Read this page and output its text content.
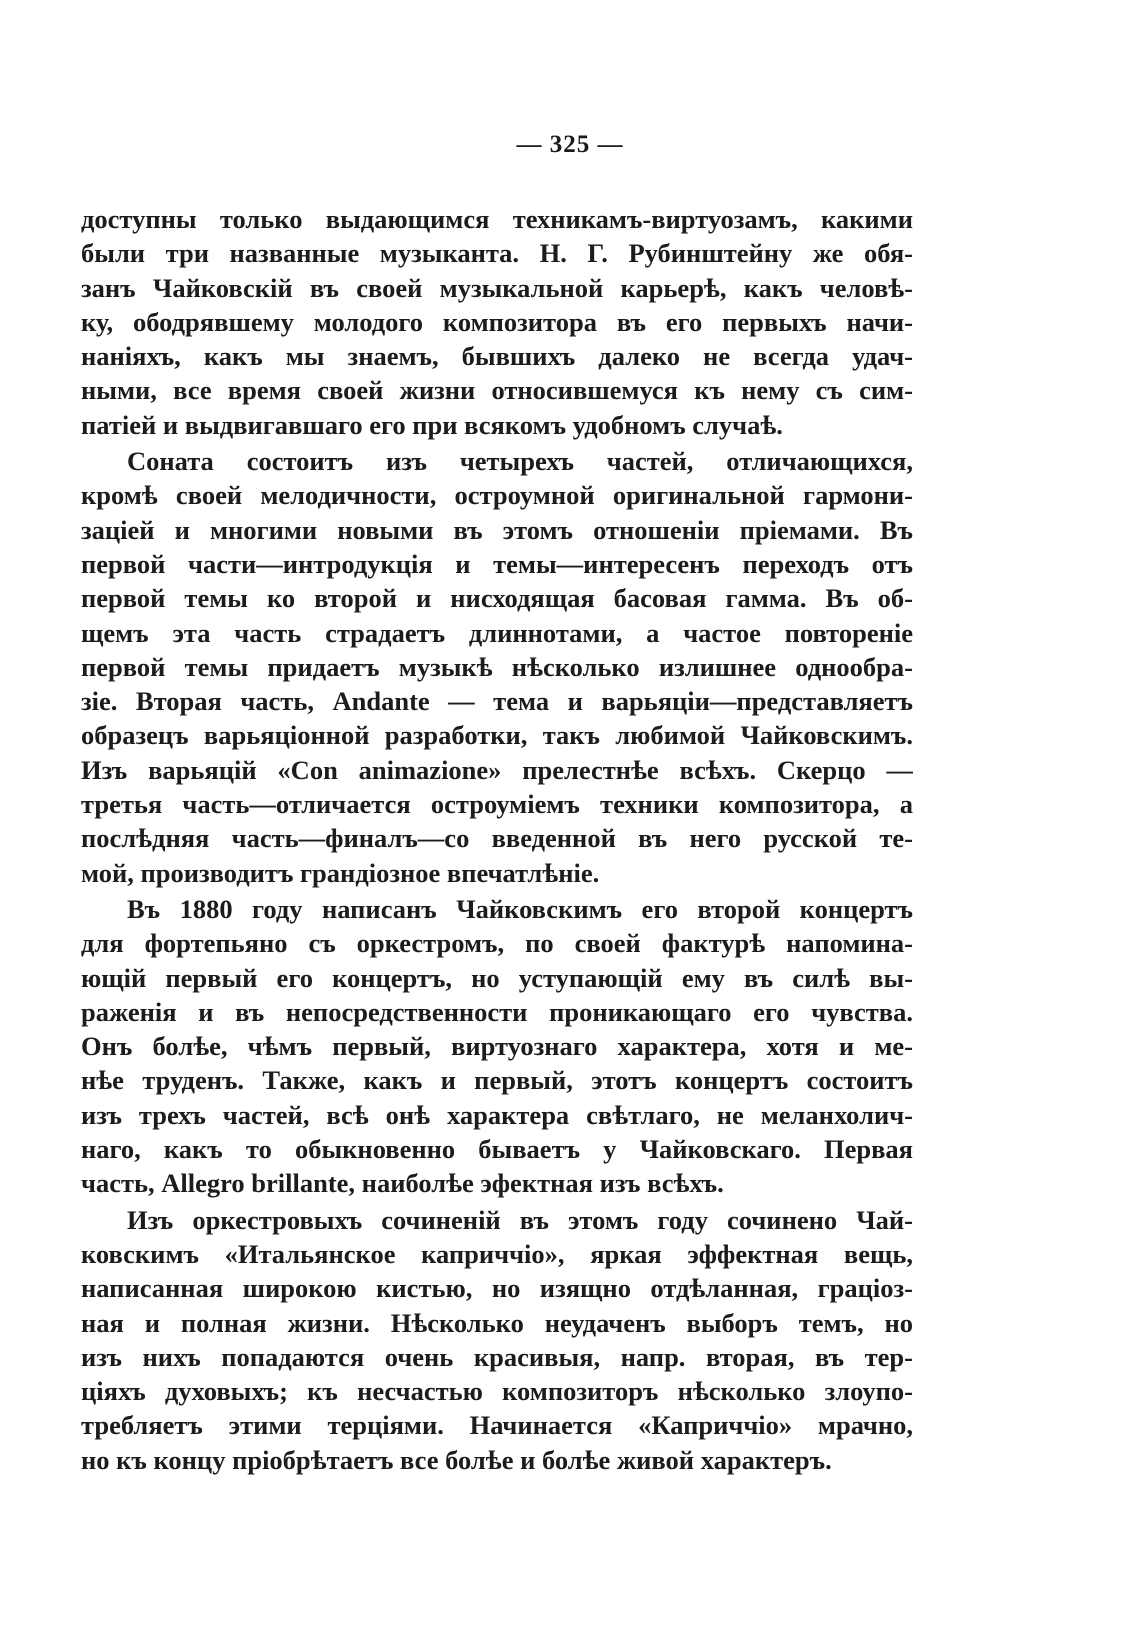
— 325 —
доступны только выдающимся техникамъ-виртуозамъ, какими
были три названные музыканта. Н. Г. Рубинштейну же обя-
занъ Чайковскій въ своей музыкальной карьерѣ, какъ человѣ-
ку, ободрявшему молодого композитора въ его первыхъ начи-
наніяхъ, какъ мы знаемъ, бывшихъ далеко не всегда удач-
ными, все время своей жизни относившемуся къ нему съ сим-
патіей и выдвигавшаго его при всякомъ удобномъ случаѣ.
Соната состоитъ изъ четырехъ частей, отличающихся,
кромѣ своей мелодичности, остроумной оригинальной гармони-
заціей и многими новыми въ этомъ отношеніи пріемами. Въ
первой части—интродукція и темы—интересенъ переходъ отъ
первой темы ко второй и нисходящая басовая гамма. Въ об-
щемъ эта часть страдаетъ длиннотами, а частое повтореніе
первой темы придаетъ музыкѣ нѣсколько излишнее однообра-
зіе. Вторая часть, Andante — тема и варьяціи—представляетъ
образецъ варьяціонной разработки, такъ любимой Чайковскимъ.
Изъ варьяцій «Con animazione» прелестнѣе всѣхъ. Скерцо —
третья часть—отличается остроуміемъ техники композитора, а
послѣдняя часть—финалъ—со введенной въ него русской те-
мой, производитъ грандіозное впечатлѣніе.
Въ 1880 году написанъ Чайковскимъ его второй концертъ
для фортепьяно съ оркестромъ, по своей фактурѣ напомина-
ющій первый его концертъ, но уступающій ему въ силѣ вы-
раженія и въ непосредственности проникающаго его чувства.
Онъ болѣе, чѣмъ первый, виртуознаго характера, хотя и ме-
нѣе труденъ. Также, какъ и первый, этотъ концертъ состоитъ
изъ трехъ частей, всѣ онѣ характера свѣтлаго, не меланхолич-
наго, какъ то обыкновенно бываетъ у Чайковскаго. Первая
часть, Allegro brillante, наиболѣе эфектная изъ всѣхъ.
Изъ оркестровыхъ сочиненій въ этомъ году сочинено Чай-
ковскимъ «Итальянское каприччіо», яркая эффектная вещь,
написанная широкою кистью, но изящно отдѣланная, граціоз-
ная и полная жизни. Нѣсколько неудаченъ выборъ темъ, но
изъ нихъ попадаются очень красивыя, напр. вторая, въ тер-
ціяхъ духовыхъ; къ несчастью композиторъ нѣсколько злоупо-
требляетъ этими терціями. Начинается «Каприччіо» мрачно,
но къ концу пріобрѣтаетъ все болѣе и болѣе живой характеръ.
